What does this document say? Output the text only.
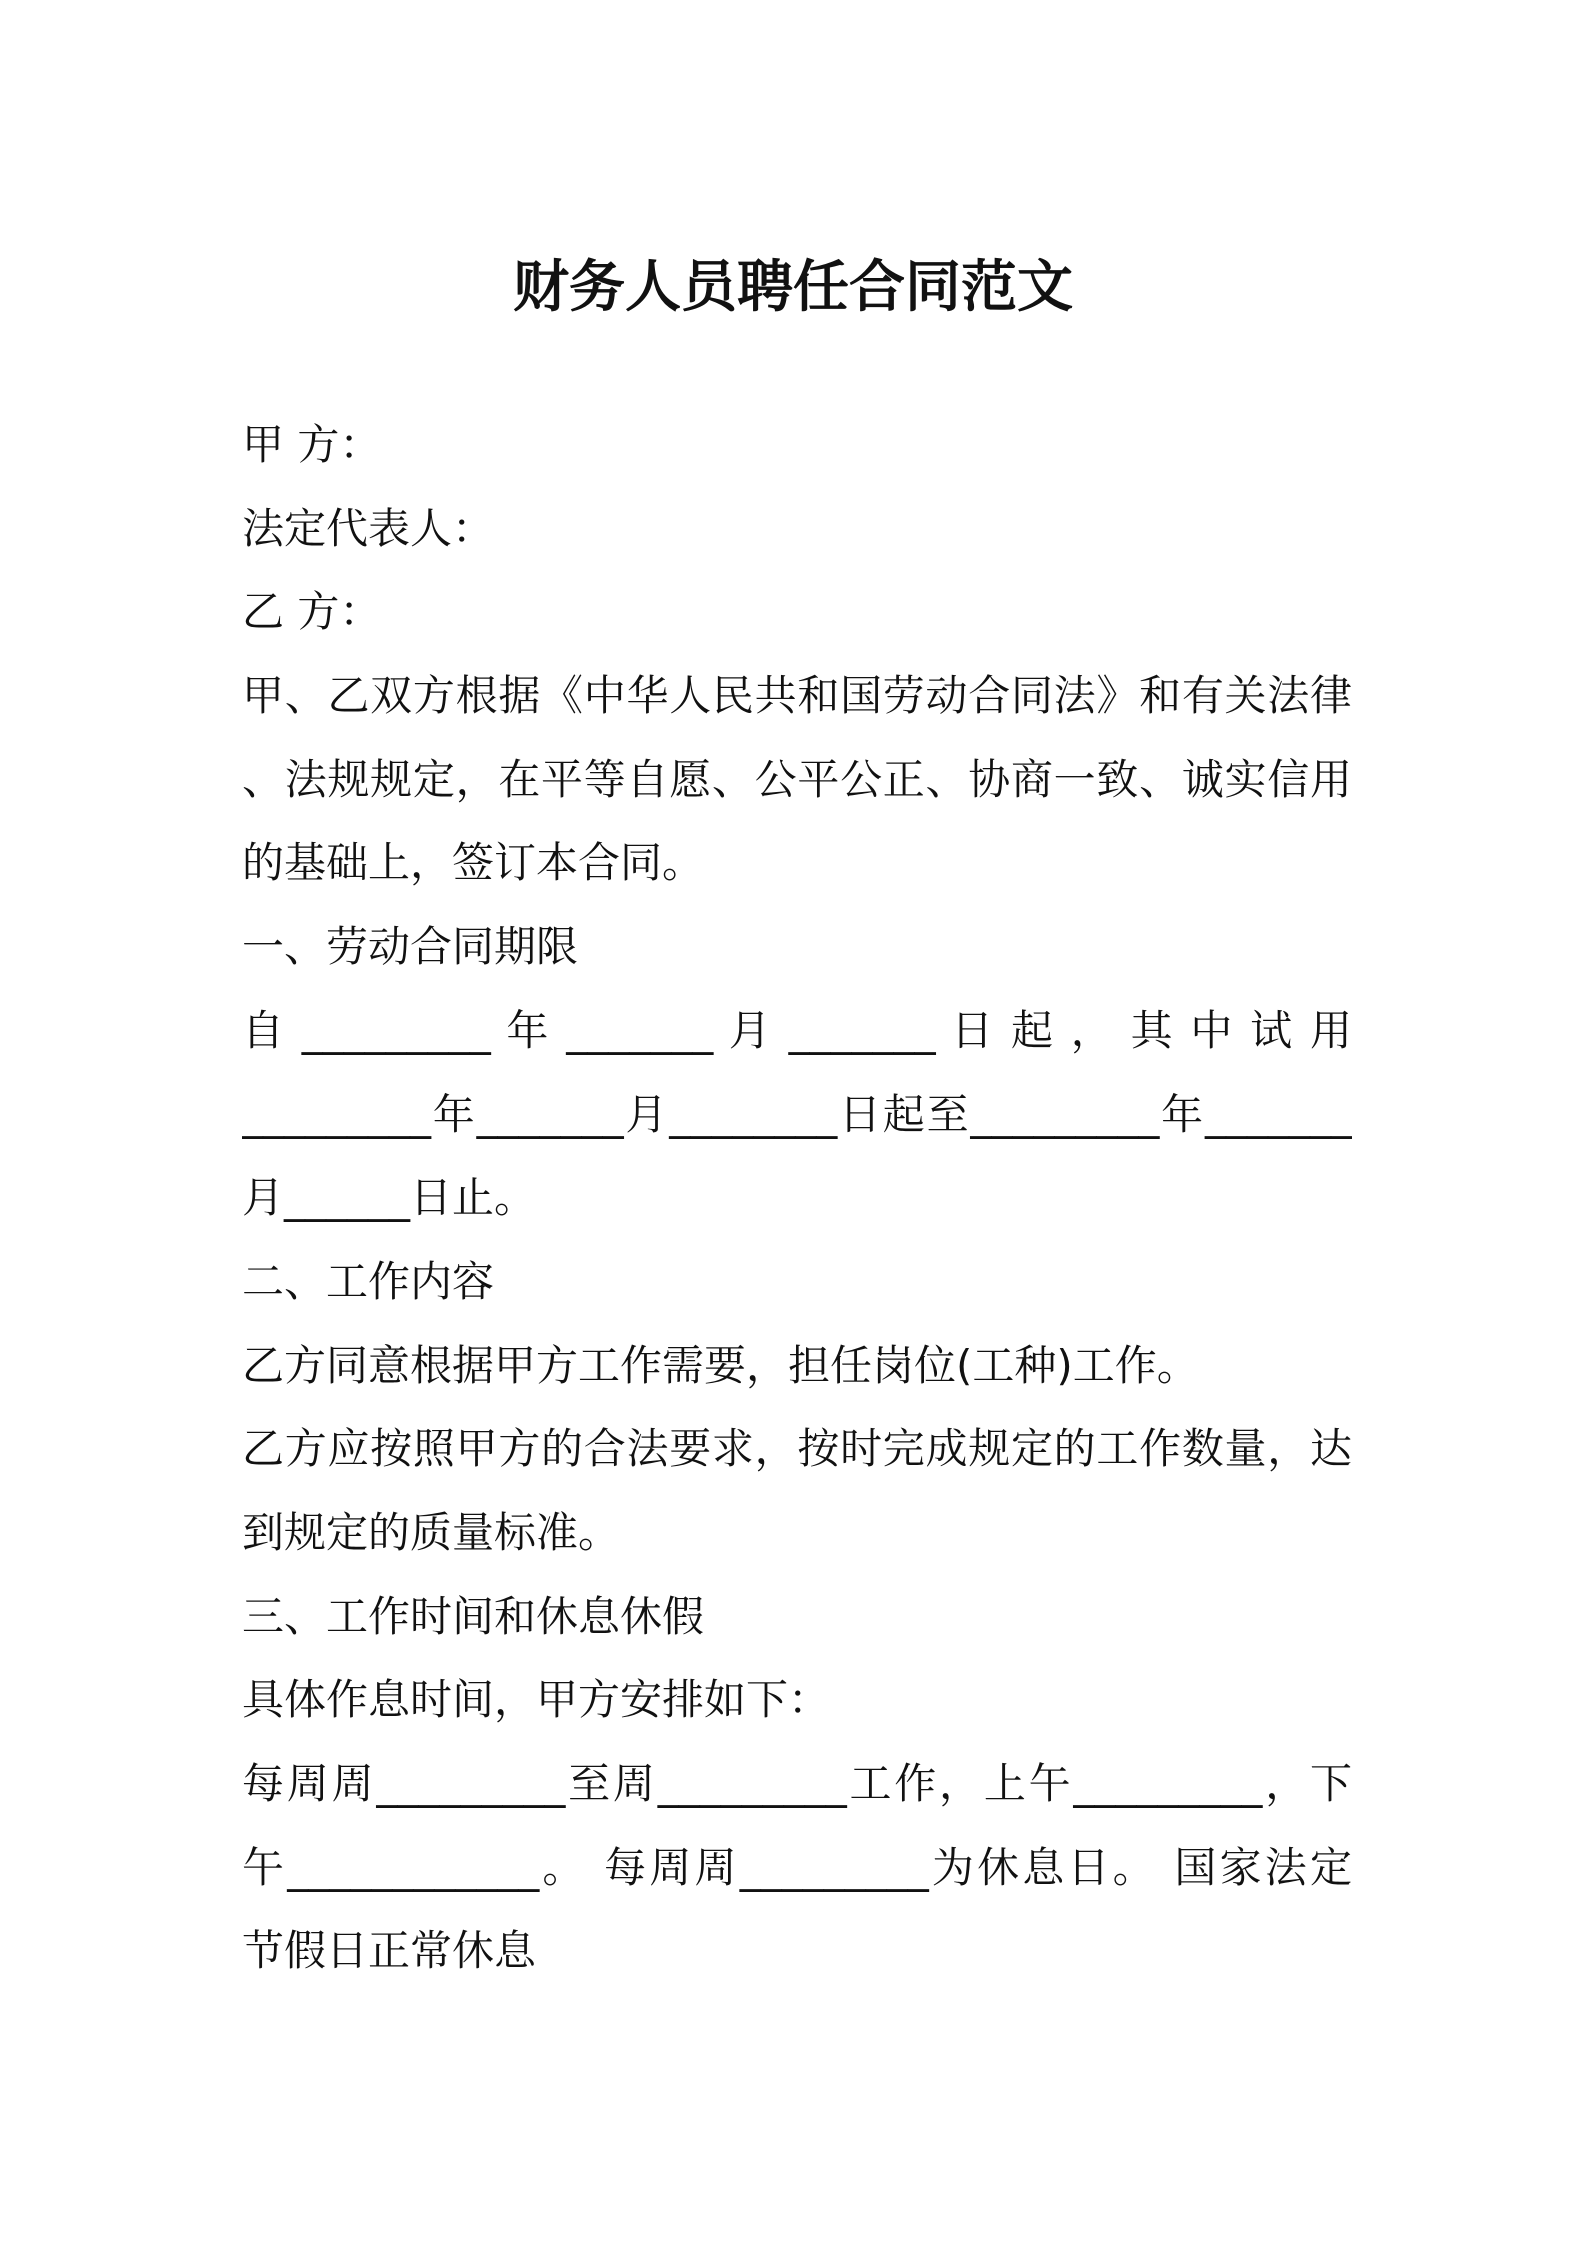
财务人员聘任合同范文
甲 方：
法定代表人：
乙 方：
甲、乙双方根据《中华人民共和国劳动合同法》和有关法律
、法规规定，在平等自愿、公平公正、协商一致、诚实信用
的基础上，签订本合同。
一、劳动合同期限
自 _________ 年 _______ 月 _______ 日 起 ， 其 中 试 用
_________年_______月________日起至_________年_______
月______日止。
二、工作内容
乙方同意根据甲方工作需要，担任岗位(工种)工作。
乙方应按照甲方的合法要求，按时完成规定的工作数量，达
到规定的质量标准。
三、工作时间和休息休假
具体作息时间，甲方安排如下：
每周周_________至周_________工作，上午_________，下
午____________。 每周周_________为休息日。 国家法定
节假日正常休息
